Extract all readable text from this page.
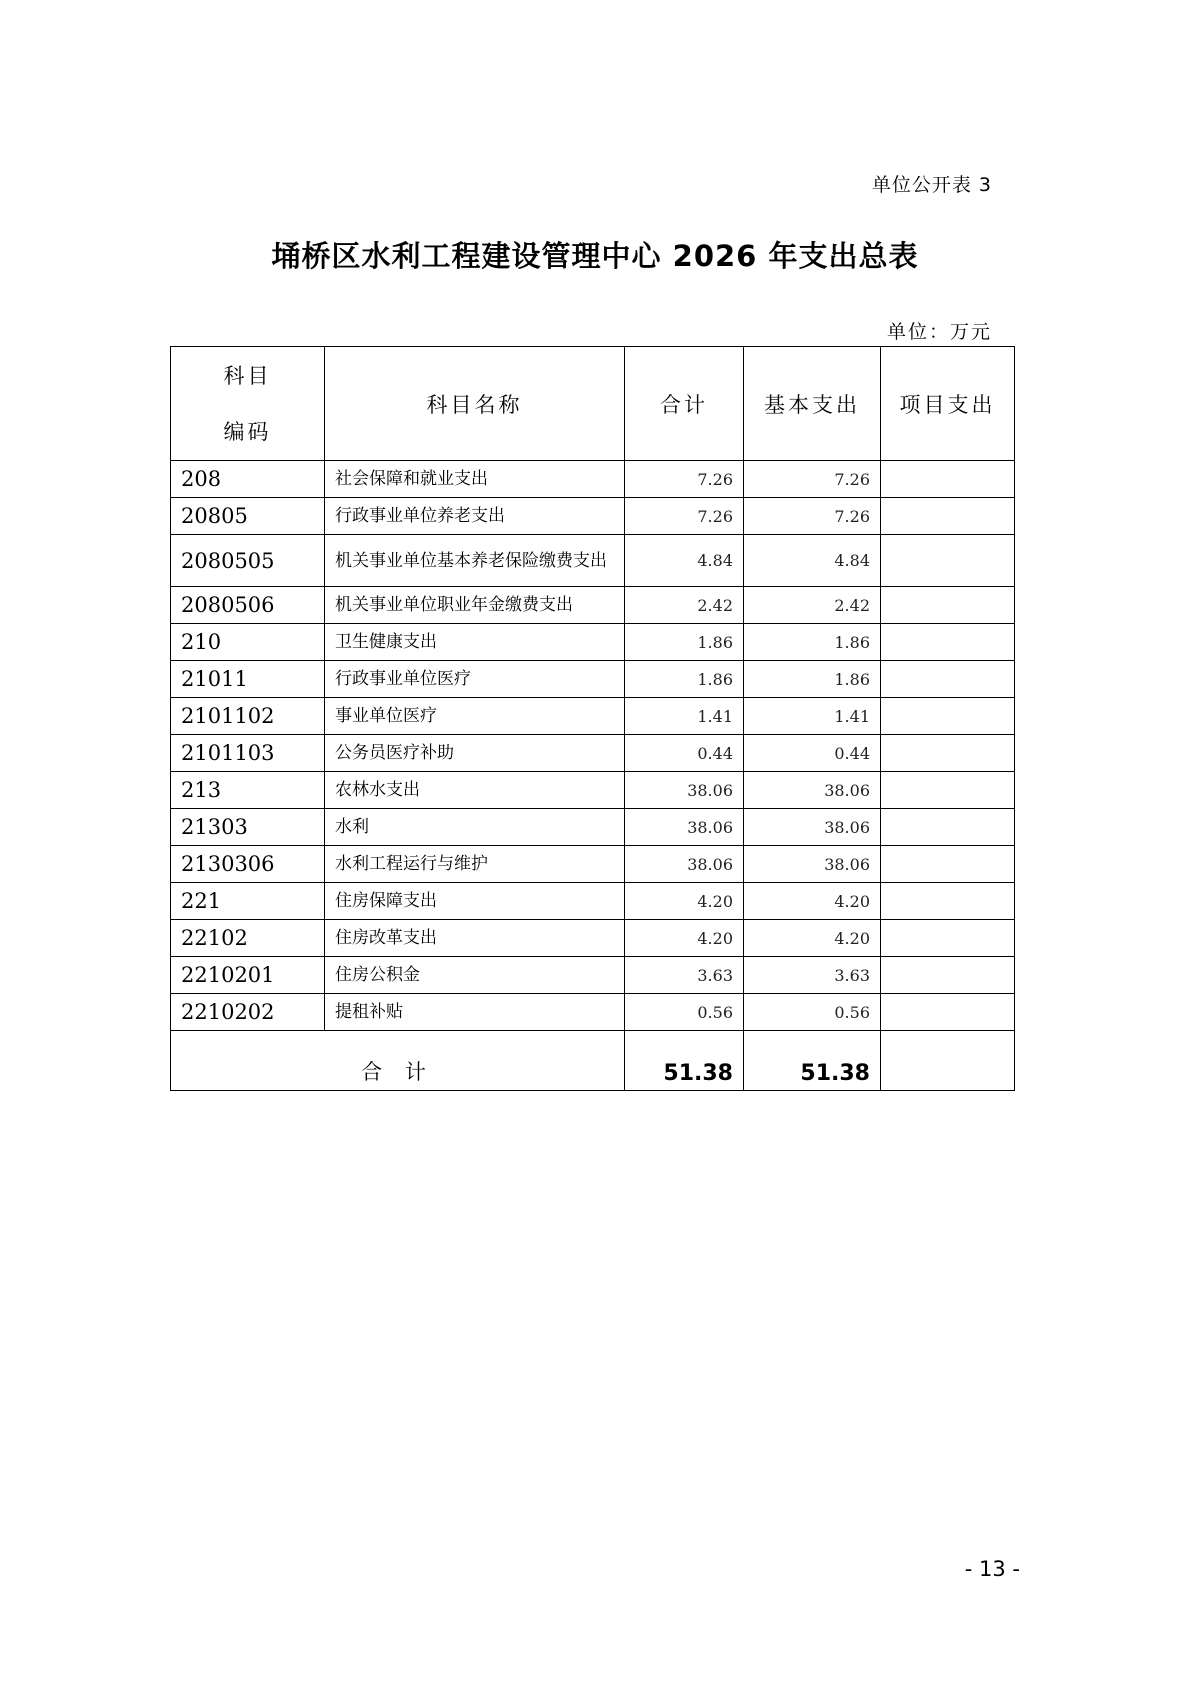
单位公开表 3
埇桥区水利工程建设管理中心 2026 年支出总表
单位：万元
科目
编码	科目名称	合计	基本支出	项目支出
208	社会保障和就业支出	7.26	7.26	
20805	行政事业单位养老支出	7.26	7.26	
2080505	机关事业单位基本养老保险缴费支出	4.84	4.84	
2080506	机关事业单位职业年金缴费支出	2.42	2.42	
210	卫生健康支出	1.86	1.86	
21011	行政事业单位医疗	1.86	1.86	
2101102	事业单位医疗	1.41	1.41	
2101103	公务员医疗补助	0.44	0.44	
213	农林水支出	38.06	38.06	
21303	水利	38.06	38.06	
2130306	水利工程运行与维护	38.06	38.06	
221	住房保障支出	4.20	4.20	
22102	住房改革支出	4.20	4.20	
2210201	住房公积金	3.63	3.63	
2210202	提租补贴	0.56	0.56	
合 计		51.38	51.38	
- 13 -
